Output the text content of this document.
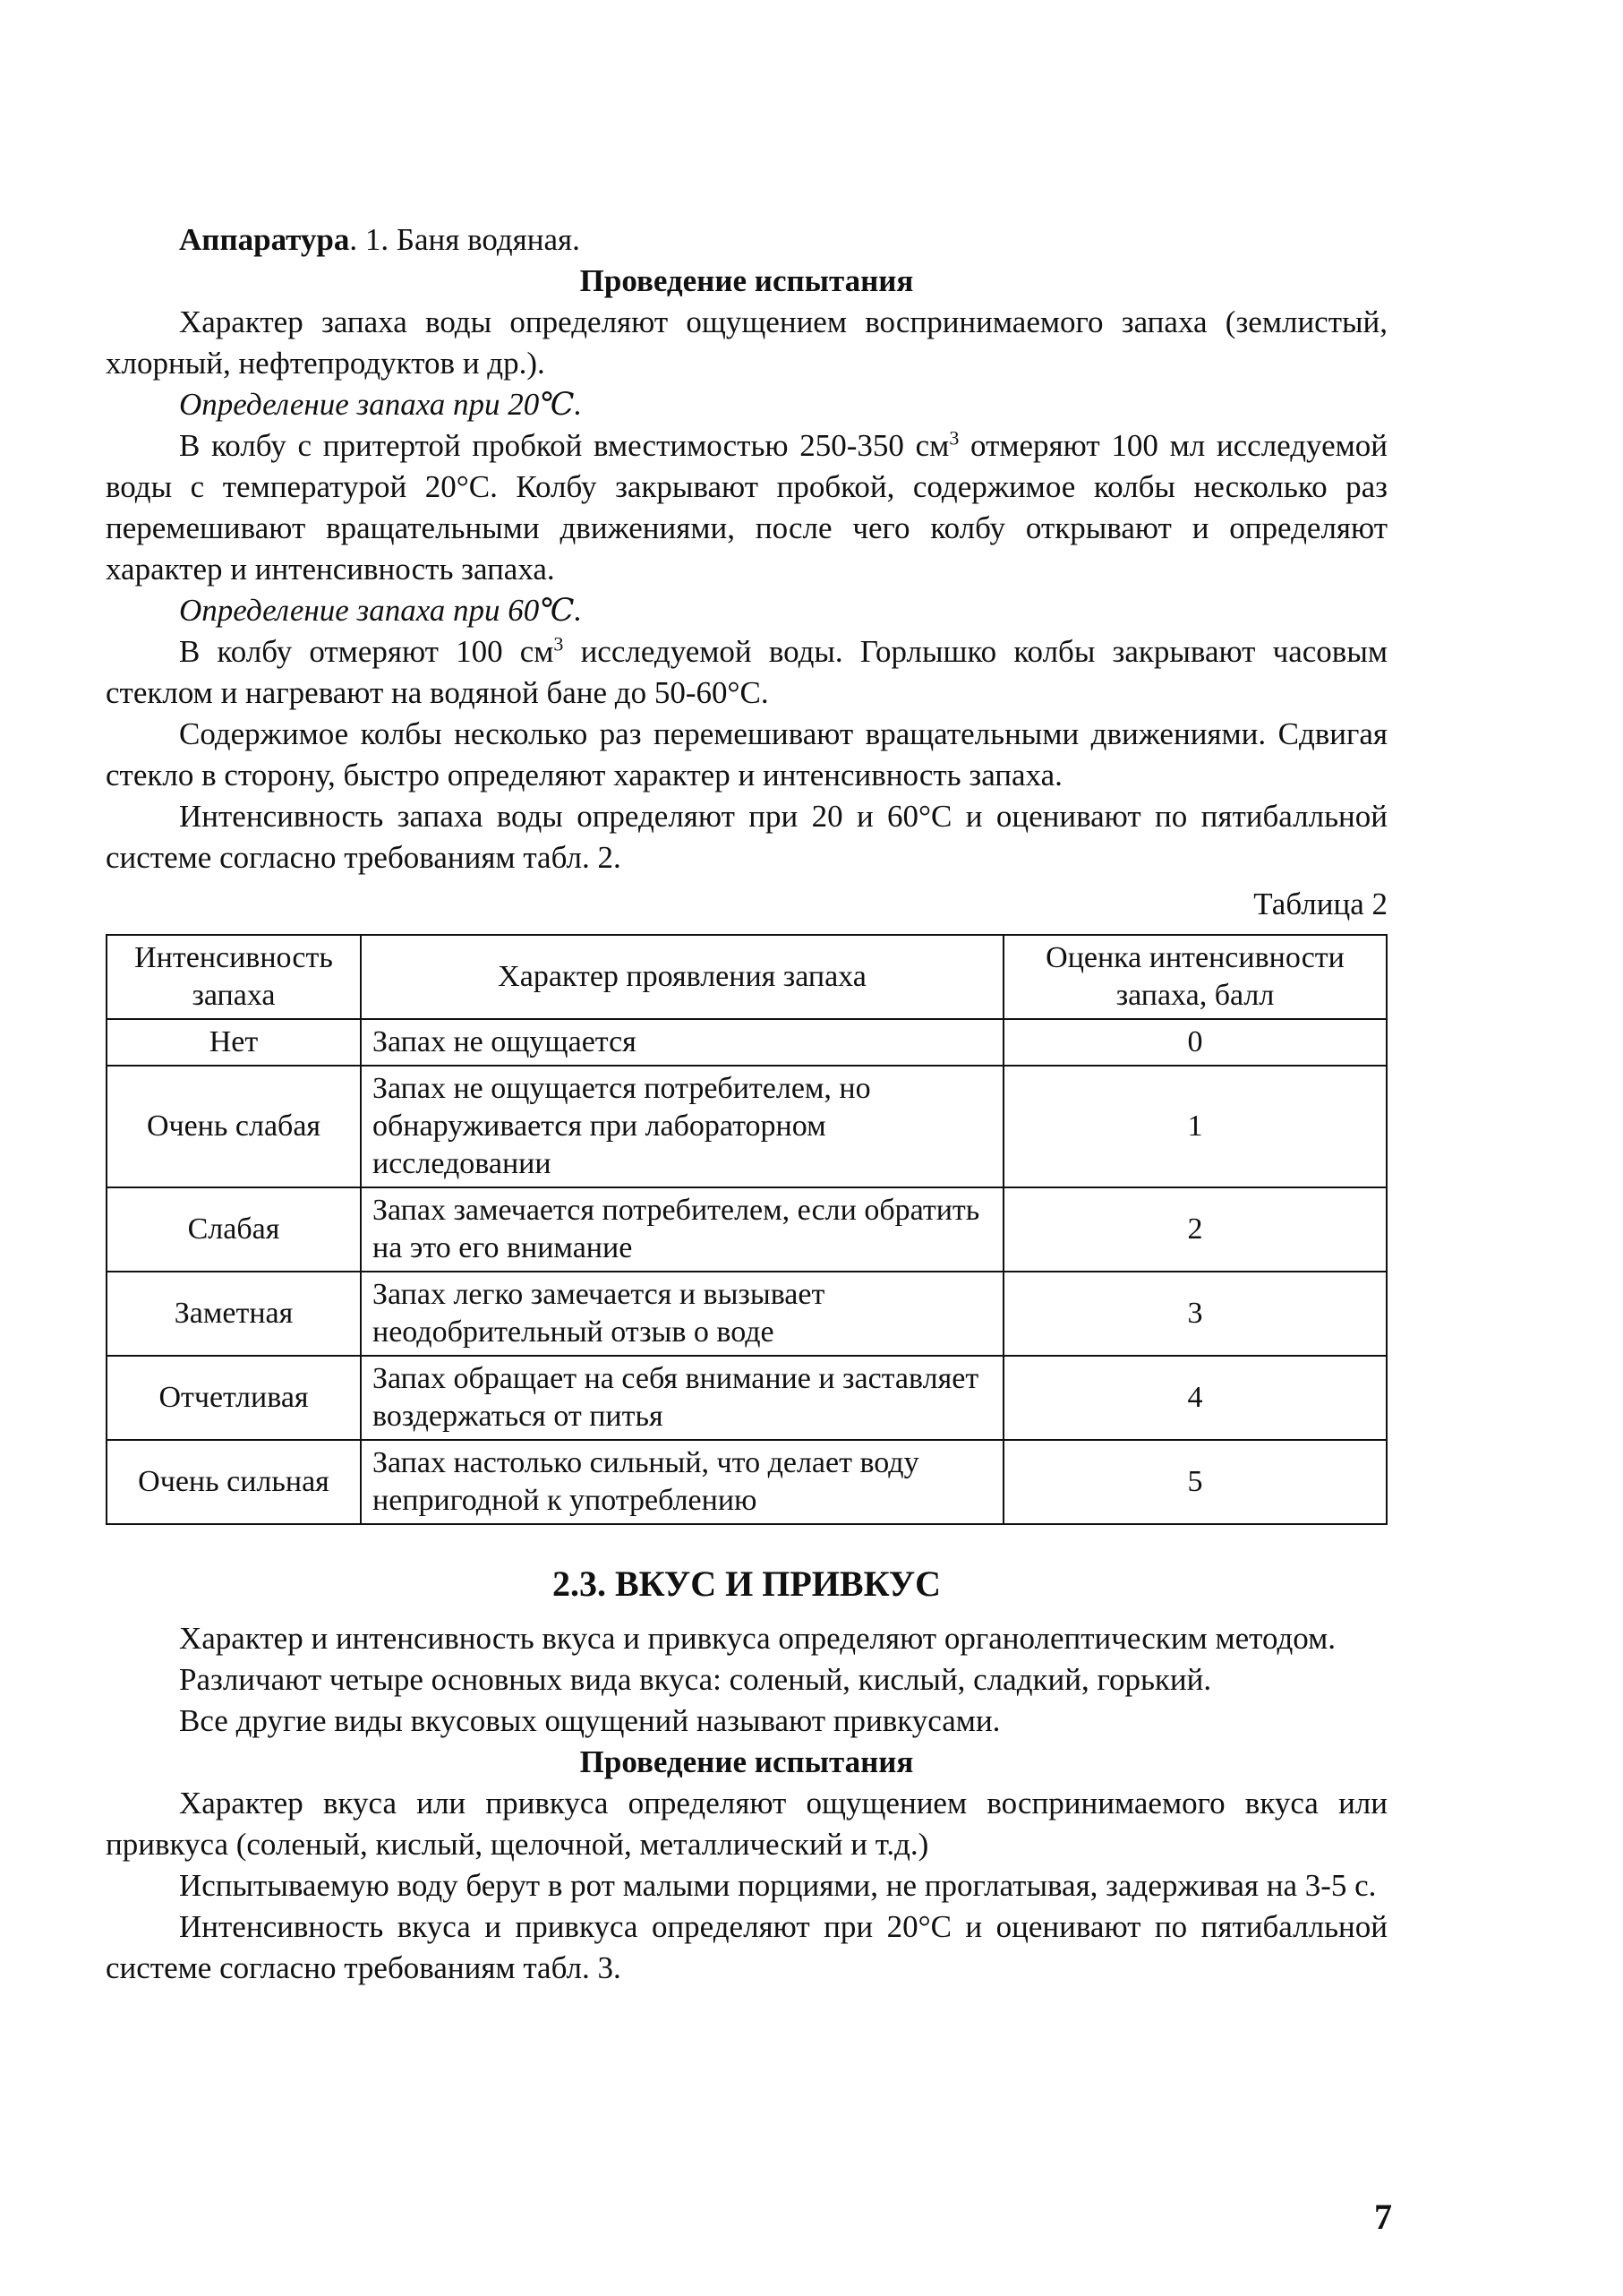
Аппаратура. 1. Баня водяная.

Проведение испытания

Характер запаха воды определяют ощущением воспринимаемого запаха (землистый, хлорный, нефтепродуктов и др.).

Определение запаха при 20℃.

В колбу с притертой пробкой вместимостью 250-350 $см^3$ отмеряют 100 мл исследуемой воды с температурой 20°С. Колбу закрывают пробкой, содержимое колбы несколько раз перемешивают вращательными движениями, после чего колбу открывают и определяют характер и интенсивность запаха.

Определение запаха при 60℃.

В колбу отмеряют 100 $см^3$ исследуемой воды. Горлышко колбы закрывают часовым стеклом и нагревают на водяной бане до 50-60°С.

Содержимое колбы несколько раз перемешивают вращательными движениями. Сдвигая стекло в сторону, быстро определяют характер и интенсивность запаха.

Интенсивность запаха воды определяют при 20 и 60°С и оценивают по пятибалльной системе согласно требованиям табл. 2.

Таблица 2

Интенсивность запаха	Характер проявления запаха	Оценка интенсивности запаха, балл
Нет	Запах не ощущается	0
Очень слабая	Запах не ощущается потребителем, но обнаруживается при лабораторном исследовании	1
Слабая	Запах замечается потребителем, если обратить на это его внимание	2
Заметная	Запах легко замечается и вызывает неодобрительный отзыв о воде	3
Отчетливая	Запах обращает на себя внимание и заставляет воздержаться от питья	4
Очень сильная	Запах настолько сильный, что делает воду непригодной к употреблению	5
2.3. ВКУС И ПРИВКУС

Характер и интенсивность вкуса и привкуса определяют органолептическим методом.

Различают четыре основных вида вкуса: соленый, кислый, сладкий, горький.

Все другие виды вкусовых ощущений называют привкусами.

Проведение испытания

Характер вкуса или привкуса определяют ощущением воспринимаемого вкуса или привкуса (соленый, кислый, щелочной, металлический и т.д.)

Испытываемую воду берут в рот малыми порциями, не проглатывая, задерживая на 3-5 с.

Интенсивность вкуса и привкуса определяют при 20°С и оценивают по пятибалльной системе согласно требованиям табл. 3.

7
